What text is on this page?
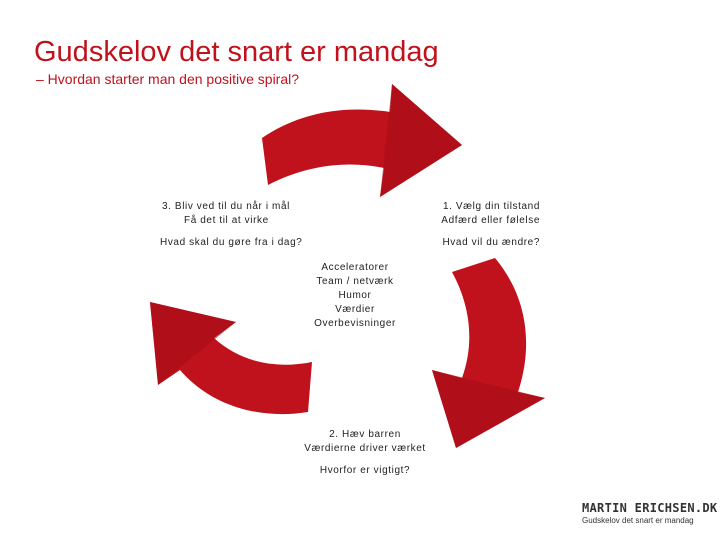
Gudskelov det snart er mandag
– Hvordan starter man den positive spiral?
3. Bliv ved til du når i mål
Få det til at virke
Hvad skal du gøre fra i dag?
1. Vælg din tilstand
Adfærd eller følelse
Hvad vil du ændre?
Acceleratorer
Team / netværk
Humor
Værdier
Overbevisninger
2. Hæv barren
Værdierne driver værket
Hvorfor er vigtigt?
MARTIN ERICHSEN.DK
Gudskelov det snart er mandag
